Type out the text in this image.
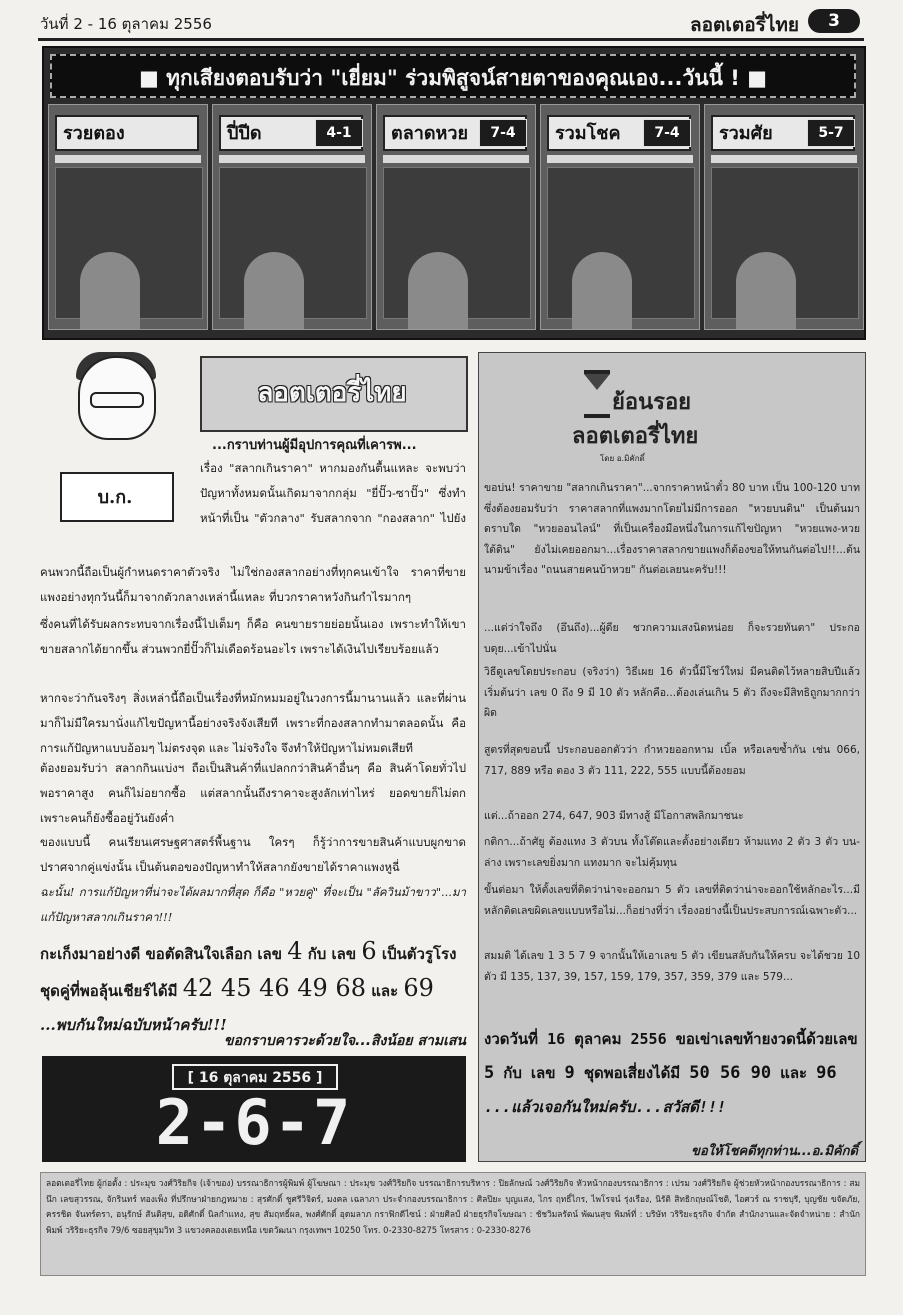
วันที่ 2 - 16 ตุลาคม 2556	ลอตเตอรี่ไทย	3
■ ทุกเสียงตอบรับว่า "เยี่ยม" ร่วมพิสูจน์สายตาของคุณเอง...วันนี้ ! ■
รวยตอง	ปี่ปีด	4-1	ตลาดหวย	7-4	รวมโชค	7-4	รวมศัย	5-7
บ.ก.
ลอตเตอรี่ไทย
...กราบท่านผู้มีอุปการคุณที่เคารพ...
เรื่อง "สลากเกินราคา" หากมองกันตื้นแหละ จะพบว่า ปัญหาทั้งหมดนั้นเกิดมาจากกลุ่ม "ยี่ปั๊ว-ซาปั๊ว" ซึ่งทำหน้าที่เป็น "ตัวกลาง" รับสลากจาก "กองสลาก" ไปยัง
คนพวกนี้ถือเป็นผู้กำหนดราคาตัวจริง ไม่ใช่กองสลากอย่างที่ทุกคนเข้าใจ ราคาที่ขายแพงอย่างทุกวันนี้ก็มาจากตัวกลางเหล่านี้แหละ ที่บวกราคาหวังกินกำไรมากๆ
ซึ่งคนที่ได้รับผลกระทบจากเรื่องนี้ไปเต็มๆ ก็คือ คนขายรายย่อยนั้นเอง เพราะทำให้เขาขายสลากได้ยากขึ้น ส่วนพวกยี่ปั๊วก็ไม่เดือดร้อนอะไร เพราะได้เงินไปเรียบร้อยแล้ว
หากจะว่ากันจริงๆ สิ่งเหล่านี้ถือเป็นเรื่องที่หมักหมมอยู่ในวงการนี้มานานแล้ว และที่ผ่านมาก็ไม่มีใครมานั่งแก้ไขปัญหานี้อย่างจริงจังเสียที เพราะที่กองสลากทำมาตลอดนั้น คือ การแก้ปัญหาแบบอ้อมๆ ไม่ตรงจุด และ ไม่จริงใจ จึงทำให้ปัญหาไม่หมดเสียที
ต้องยอมรับว่า สลากกินแบ่งฯ ถือเป็นสินค้าที่แปลกกว่าสินค้าอื่นๆ คือ สินค้าโดยทั่วไป พอราคาสูง คนก็ไม่อยากซื้อ แต่สลากนั้นถึงราคาจะสูงลักเท่าไหร่ ยอดขายก็ไม่ตก เพราะคนก็ยังซื้ออยู่วันยังค่ำ
ของแบบนี้ คนเรียนเศรษฐศาสตร์พื้นฐาน ใครๆ ก็รู้ว่าการขายสินค้าแบบผูกขาดปราศจากคู่แข่งนั้น เป็นต้นตอของปัญหาทำให้สลากยังขายได้ราคาแพงหูฉี่
ฉะนั้น! การแก้ปัญหาที่น่าจะได้ผลมากที่สุด ก็คือ "หวยคู่" ที่จะเป็น "ลัควินม้าขาว"...มาแก้ปัญหาสลากเกินราคา!!!
กะเก็งมาอย่างดี ขอตัดสินใจเลือก เลข 4 กับ เลข 6 เป็นตัวรูโรง ชุดคู่ที่พอลุ้นเชียร์ได้มี 42 45 46 49 68 และ 69 ...พบกันใหม่ฉบับหน้าครับ!!!
ขอกราบคารวะด้วยใจ...สิงน้อย สามเสน
[ 16 ตุลาคม 2556 ]
2-6-7
ย้อนรอย
ลอตเตอรี่ไทย
โดย อ.มิคักดิ์
ขอบ่น! ราคาขาย "สลากเกินราคา"...จากราคาหน้าตั๋ว 80 บาท เป็น 100-120 บาท ซึ่งต้องยอมรับว่า ราคาสลากที่แพงมากโดยไม่มีการออก "หวยบนดิน" เป็นต้นมา ดราบใด "หวยออนไลน์" ที่เป็นเครื่องมือหนึ่งในการแก้ไขปัญหา "หวยแพง-หวยใต้ดิน" ยังไม่เคยออกมา...เรื่องราคาสลากขายแพงก็ต้องขอให้ทนกันต่อไป!!...ต้นนามข้าเรื่อง "ถนนสายคนบ้าหวย" กันต่อเลยนะครับ!!!
...แต่ว่าใจถึง (อึนถึง)...ผู้ดีย ชวกความเสงนิดหน่อย ก็จะรวยทันตา" ประกอบดุย...เข้าไปนั่น
วิธีดูเลขโดยประกอบ (จริงว่า) วิธีเผย 16 ตัวนี้มีโชว์ใหม่ มีคนติดไว้หลายสิบปีแล้ว เริ่มต้นว่า เลข 0 ถึง 9 มี 10 ตัว หลักคือ...ต้องเล่นเกิน 5 ตัว ถึงจะมีสิทธิถูกมากกว่าผิด
สูตรที่สุดขอบนี้ ประกอบออกตัวว่า กำหวยออกหาม เบิ้ล หรือเลขซ้ำกัน เช่น 066, 717, 889 หรือ ตอง 3 ตัว 111, 222, 555 แบบนี้ต้องยอม
แต่...ถ้าออก 274, 647, 903 มีทางสู้ มีโอกาสพลิกมาชนะ
กติกา...ถ้าศัยู ต้องแทง 3 ตัวบน ทั้งโต๊ดและตั้งอย่างเดียว ห้ามแทง 2 ตัว 3 ตัว บน-ล่าง เพราะเลขยิ่งมาก แทงมาก จะไม่คุ้มทุน
ขั้นต่อมา ให้ตั้งเลขที่ติดว่าน่าจะออกมา 5 ตัว เลขที่ติดว่าน่าจะออกใช้หลักอะไร...มีหลักติดเลขผิดเลขแบบหรือไม่...ก็อย่างที่ว่า เรื่องอย่างนี้เป็นประสบการณ์เฉพาะตัว...
สมมติ ได้เลข 1 3 5 7 9 จากนั้นให้เอาเลข 5 ตัว เขียนสลับกันให้ครบ จะได้ชวย 10 ตัว มี 135, 137, 39, 157, 159, 179, 357, 359, 379 และ 579...
งวดวันที่ 16 ตุลาคม 2556 ขอเข่าเลขท้ายงวดนี้ด้วยเลข 5 กับ เลข 9 ชุดพอเสี่ยงได้มี 50 56 90 และ 96 ...แล้วเจอกันใหม่ครับ...สวัสดี!!!
ขอให้โชคดีทุกท่าน...อ.มิคักดิ์
ลอตเตอรี่ไทย ผู้ก่อตั้ง : ประมุข วงศ์วิริยกิจ (เจ้าของ) บรรณาธิการผู้พิมพ์ ผู้โฆษณา : ประมุข วงศ์วิริยกิจ บรรณาธิการบริหาร : ปิยลักษณ์ วงศ์วิริยกิจ หัวหน้ากองบรรณาธิการ : เปรม วงศ์วิริยกิจ ผู้ช่วยหัวหน้ากองบรรณาธิการ : สมนึก เลขสุวรรณ, จักรินทร์ ทองเพ็ง ที่ปรึกษาฝ่ายกฎหมาย : สุรศักดิ์ ชูศรีวิจิตร์, มงคล เฉลาภา ประจำกองบรรณาธิการ : ศิลปิยะ บุญแสง, ไกร ฤทธิ์ไกร, ไพโรจน์ รุ่งเรือง, นิรัติ สิทธิกฤษณ์โชติ, ไอศวร์ ณ ราชบุรี, บุญชัย ขจัดภัย, ครรชิต จันทร์ตรา, อนุรักษ์ สันติสุข, อดิศักดิ์ นิลกำแหง, สุข สัมฤทธิ์ผล, พงศ์ศักดิ์ อุดมลาภ กราฟิกดีไซน์ : ฝ่ายศิลป์ ฝ่ายธุรกิจโฆษณา : ชัชวิมลรัตน์ พัฒนสุข พิมพ์ที่ : บริษัท วริริยะธุรกิจ จำกัด สำนักงานและจัดจำหน่าย : สำนักพิมพ์ วริริยะธุรกิจ 79/6 ซอยสุขุมวิท 3 แขวงคลองเตยเหนือ เขตวัฒนา กรุงเทพฯ 10250 โทร. 0-2330-8275 โทรสาร : 0-2330-8276
